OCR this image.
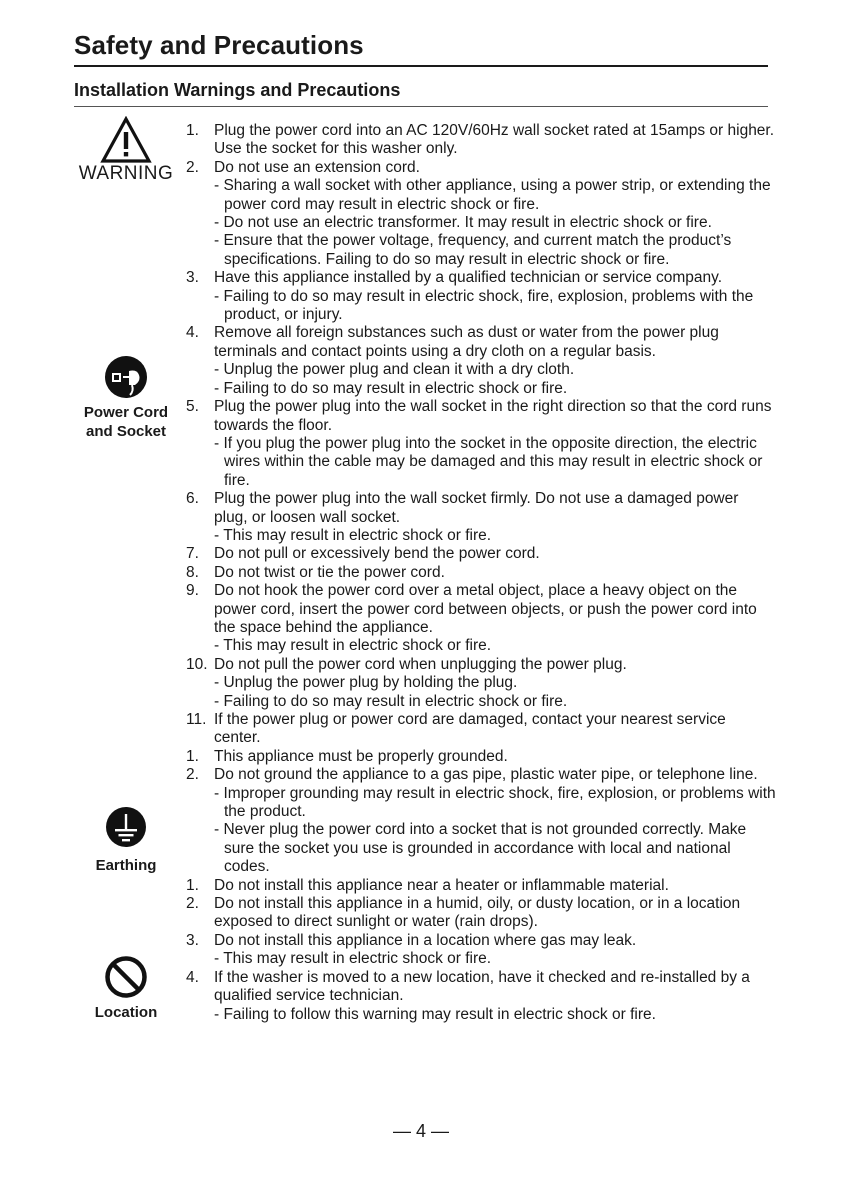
Safety and Precautions
Installation Warnings and Precautions
WARNING
Power Cord
and Socket
Earthing
Location
1. Plug the power cord into an AC 120V/60Hz wall socket rated at 15amps or higher. Use the socket for this washer only.
2. Do not use an extension cord.
- Sharing a wall socket with other appliance, using a power strip, or extending the power cord may result in electric shock or fire.
- Do not use an electric transformer. It may result in electric shock or fire.
- Ensure that the power voltage, frequency, and current match the product’s specifications. Failing to do so may result in electric shock or fire.
3. Have this appliance installed by a qualified technician or service company.
- Failing to do so may result in electric shock, fire, explosion, problems with the product, or injury.
4. Remove all foreign substances such as dust or water from the power plug terminals and contact points using a dry cloth on a regular basis.
- Unplug the power plug and clean it with a dry cloth.
- Failing to do so may result in electric shock or fire.
5. Plug the power plug into the wall socket in the right direction so that the cord runs towards the floor.
- If you plug the power plug into the socket in the opposite direction, the electric wires within the cable may be damaged and this may result in electric shock or fire.
6. Plug the power plug into the wall socket firmly. Do not use a damaged power plug, or loosen wall socket.
- This may result in electric shock or fire.
7. Do not pull or excessively bend the power cord.
8. Do not twist or tie the power cord.
9. Do not hook the power cord over a metal object, place a heavy object on the power cord, insert the power cord between objects, or push the power cord into the space behind the appliance.
- This may result in electric shock or fire.
10. Do not pull the power cord when unplugging the power plug.
- Unplug the power plug by holding the plug.
- Failing to do so may result in electric shock or fire.
11. If the power plug or power cord are damaged, contact your nearest service center.
1. This appliance must be properly grounded.
2. Do not ground the appliance to a gas pipe, plastic water pipe, or telephone line.
- Improper grounding may result in electric shock, fire, explosion, or problems with the product.
- Never plug the power cord into a socket that is not grounded correctly. Make sure the socket you use is grounded in accordance with local and national codes.
1. Do not install this appliance near a heater or inflammable material.
2. Do not install this appliance in a humid, oily, or dusty location, or in a location exposed to direct sunlight or water (rain drops).
3. Do not install this appliance in a location where gas may leak.
- This may result in electric shock or fire.
4. If the washer is moved to a new location, have it checked and re-installed by a qualified service technician.
- Failing to follow this warning may result in electric shock or fire.
— 4 —
